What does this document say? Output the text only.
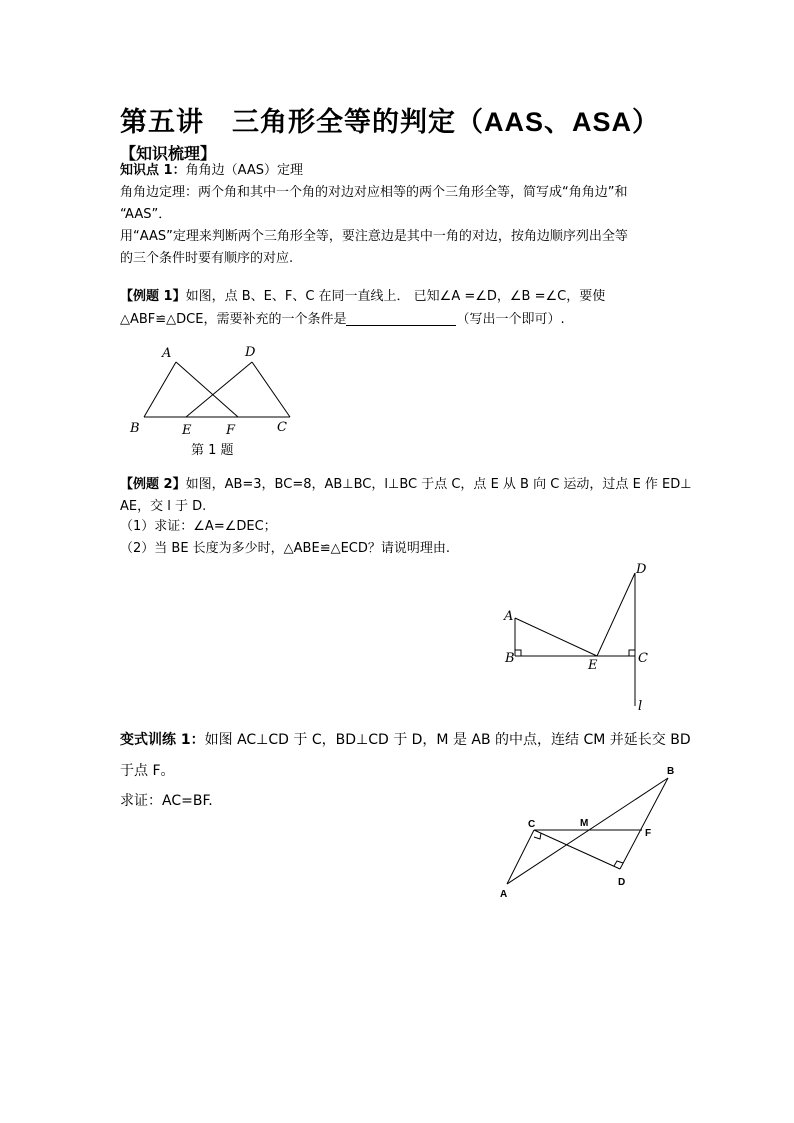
第五讲　三角形全等的判定（AAS、ASA）
【知识梳理】
知识点 1：角角边（AAS）定理
角角边定理：两个角和其中一个角的对边对应相等的两个三角形全等，简写成“角角边”和
“AAS”．
用“AAS”定理来判断两个三角形全等，要注意边是其中一角的对边，按角边顺序列出全等
的三个条件时要有顺序的对应.
【例题 1】如图，点 B、E、F、C 在同一直线上． 已知∠A =∠D，∠B =∠C，要使
△ABF≌△DCE，需要补充的一个条件是	（写出一个即可）.
A	D
B	E	F	C
第 1 题
【例题 2】如图，AB=3，BC=8，AB⊥BC，l⊥BC 于点 C，点 E 从 B 向 C 运动，过点 E 作 ED⊥
AE，交 l 于 D.
（1）求证：∠A=∠DEC；
（2）当 BE 长度为多少时，△ABE≌△ECD？请说明理由.
A
B	E	C
D
l
变式训练 1：如图 AC⊥CD 于 C，BD⊥CD 于 D，M 是 AB 的中点，连结 CM 并延长交 BD
于点 F。
求证：AC=BF.
C	M
F
B
D
A
